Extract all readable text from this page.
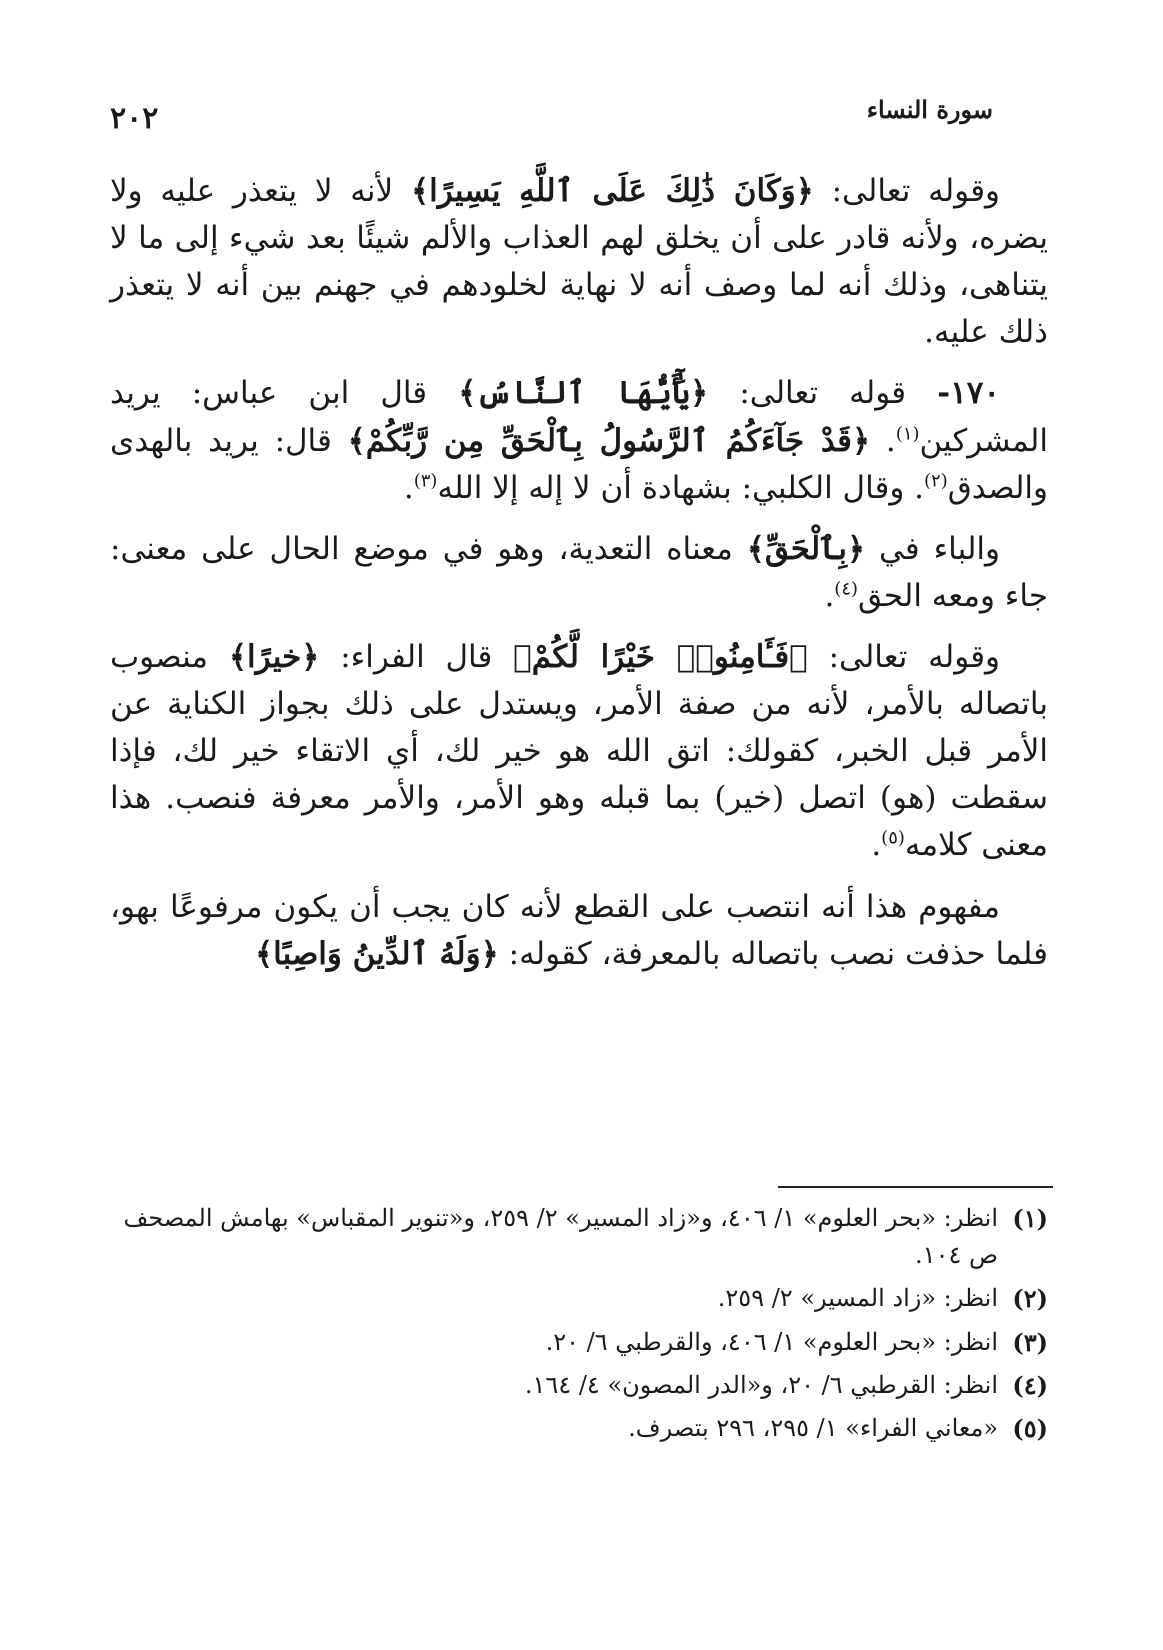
سورة النساء
٢٠٢

وقوله تعالى: ﴿وَكَانَ ذَٰلِكَ عَلَى ٱللَّهِ يَسِيرًا﴾ لأنه لا يتعذر عليه ولا يضره، ولأنه قادر على أن يخلق لهم العذاب والألم شيئًا بعد شيء إلى ما لا يتناهى، وذلك أنه لما وصف أنه لا نهاية لخلودهم في جهنم بين أنه لا يتعذر ذلك عليه.

١٧٠- قوله تعالى: ﴿يَٰٓأَيُّهَا ٱلنَّاسُ﴾ قال ابن عباس: يريد المشركين$^{(١)}$. ﴿قَدْ جَآءَكُمُ ٱلرَّسُولُ بِٱلْحَقِّ مِن رَّبِّكُمْ﴾ قال: يريد بالهدى والصدق$^{(٢)}$. وقال الكلبي: بشهادة أن لا إله إلا الله$^{(٣)}$.

والباء في ﴿بِٱلْحَقِّ﴾ معناه التعدية، وهو في موضع الحال على معنى: جاء ومعه الحق$^{(٤)}$.

وقوله تعالى: ﴿فَـَٔامِنُوا۟ خَيْرًا لَّكُمْ﴾ قال الفراء: ﴿خيرًا﴾ منصوب باتصاله بالأمر، لأنه من صفة الأمر، ويستدل على ذلك بجواز الكناية عن الأمر قبل الخبر، كقولك: اتق الله هو خير لك، أي الاتقاء خير لك، فإذا سقطت (هو) اتصل (خير) بما قبله وهو الأمر، والأمر معرفة فنصب. هذا معنى كلامه$^{(٥)}$.

مفهوم هذا أنه انتصب على القطع لأنه كان يجب أن يكون مرفوعًا بهو، فلما حذفت نصب باتصاله بالمعرفة، كقوله: ﴿وَلَهُ ٱلدِّينُ وَاصِبًا﴾

(١)
انظر: «بحر العلوم» ١/ ٤٠٦، و«زاد المسير» ٢/ ٢٥٩، و«تنوير المقباس» بهامش المصحف ص ١٠٤.
(٢)
انظر: «زاد المسير» ٢/ ٢٥٩.
(٣)
انظر: «بحر العلوم» ١/ ٤٠٦، والقرطبي ٦/ ٢٠.
(٤)
انظر: القرطبي ٦/ ٢٠، و«الدر المصون» ٤/ ١٦٤.
(٥)
«معاني الفراء» ١/ ٢٩٥، ٢٩٦ بتصرف.
